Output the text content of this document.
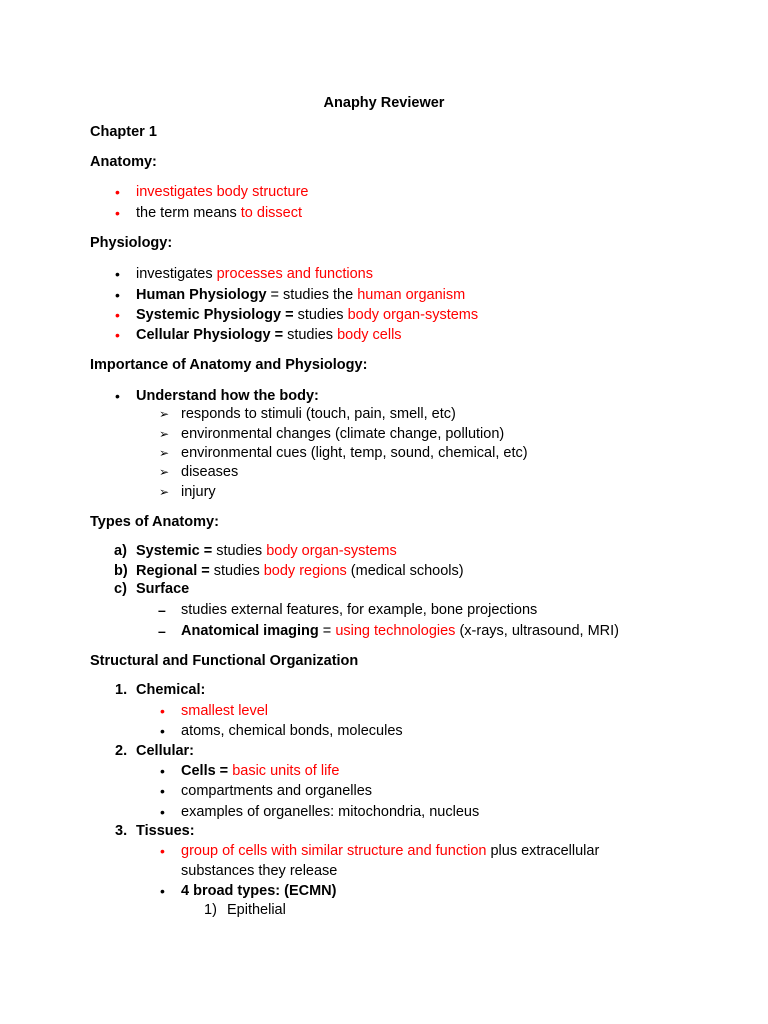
Anaphy Reviewer
Chapter 1
Anatomy:
•
investigates body structure
•
the term means to dissect
Physiology:
•
investigates processes and functions
•
Human Physiology = studies the human organism
•
Systemic Physiology = studies body organ-systems
•
Cellular Physiology = studies body cells
Importance of Anatomy and Physiology:
•
Understand how the body:
➢ responds to stimuli (touch, pain, smell, etc)
➢ environmental changes (climate change, pollution)
➢ environmental cues (light, temp, sound, chemical, etc)
➢ diseases
➢ injury
Types of Anatomy:
a) Systemic = studies body organ-systems
b) Regional = studies body regions (medical schools)
c) Surface
– studies external features, for example, bone projections
– Anatomical imaging = using technologies (x-rays, ultrasound, MRI)
Structural and Functional Organization
1. Chemical:
•
smallest level
•
atoms, chemical bonds, molecules
2. Cellular:
•
Cells = basic units of life
•
compartments and organelles
•
examples of organelles: mitochondria, nucleus
3. Tissues:
•
group of cells with similar structure and function plus extracellular
substances they release
•
4 broad types: (ECMN)
1) Epithelial
